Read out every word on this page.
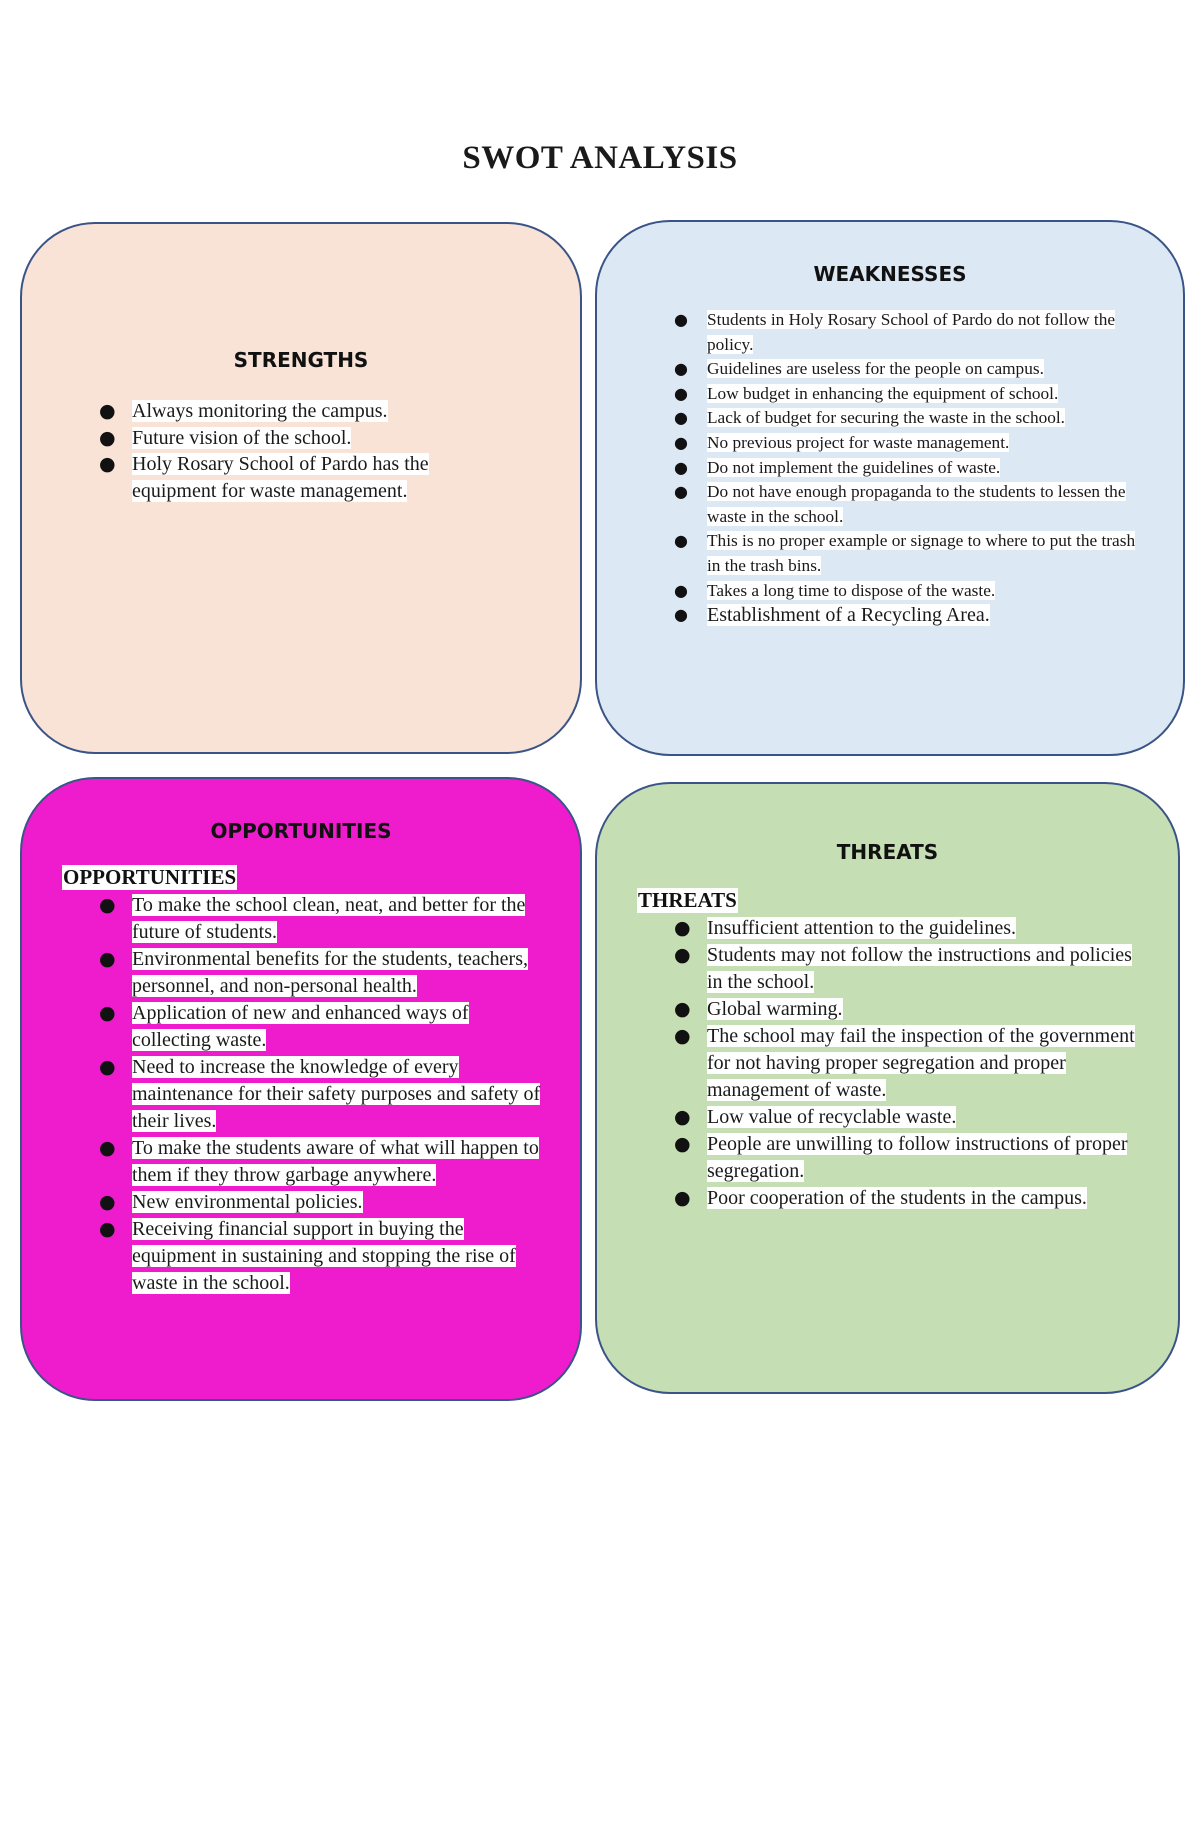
SWOT ANALYSIS
STRENGTHS
● Always monitoring the campus.
● Future vision of the school.
● Holy Rosary School of Pardo has the equipment for waste management.
WEAKNESSES
● Students in Holy Rosary School of Pardo do not follow the policy.
● Guidelines are useless for the people on campus.
● Low budget in enhancing the equipment of school.
● Lack of budget for securing the waste in the school.
● No previous project for waste management.
● Do not implement the guidelines of waste.
● Do not have enough propaganda to the students to lessen the waste in the school.
● This is no proper example or signage to where to put the trash in the trash bins.
● Takes a long time to dispose of the waste.
● Establishment of a Recycling Area.
OPPORTUNITIES
OPPORTUNITIES
● To make the school clean, neat, and better for the future of students.
● Environmental benefits for the students, teachers, personnel, and non-personal health.
● Application of new and enhanced ways of collecting waste.
● Need to increase the knowledge of every maintenance for their safety purposes and safety of their lives.
● To make the students aware of what will happen to them if they throw garbage anywhere.
● New environmental policies.
● Receiving financial support in buying the equipment in sustaining and stopping the rise of waste in the school.
THREATS
THREATS
● Insufficient attention to the guidelines.
● Students may not follow the instructions and policies in the school.
● Global warming.
● The school may fail the inspection of the government for not having proper segregation and proper management of waste.
● Low value of recyclable waste.
● People are unwilling to follow instructions of proper segregation.
● Poor cooperation of the students in the campus.
